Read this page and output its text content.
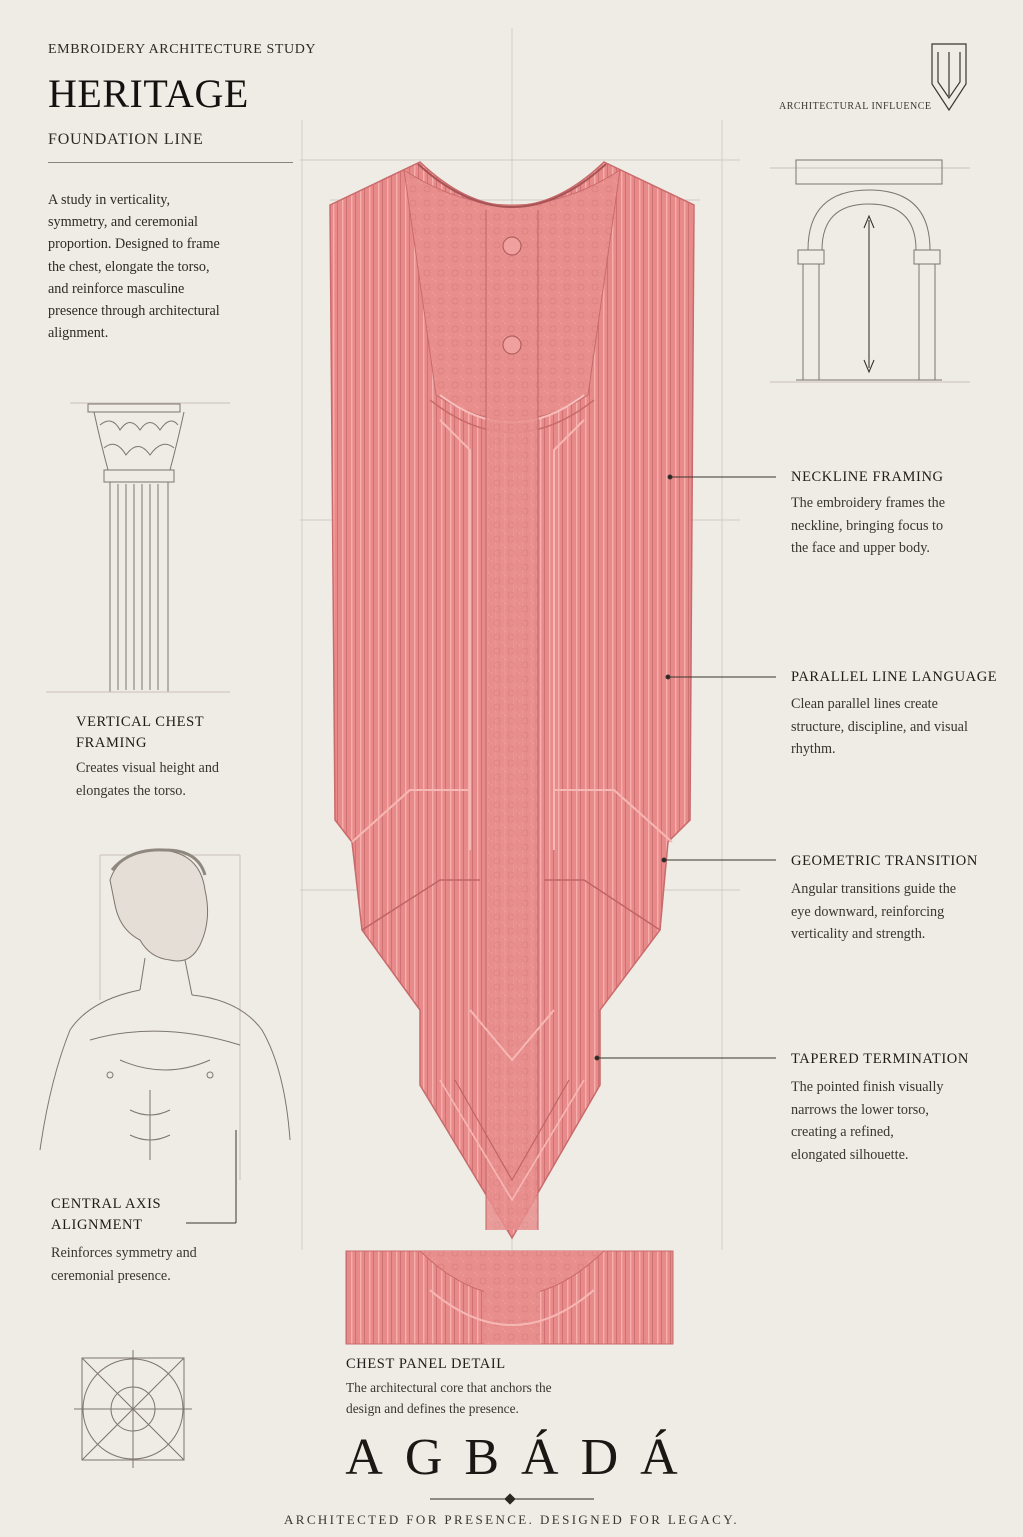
EMBROIDERY ARCHITECTURE STUDY
HERITAGE
FOUNDATION LINE
A study in verticality, symmetry, and ceremonial proportion. Designed to frame the chest, elongate the torso, and reinforce masculine presence through architectural alignment.
ARCHITECTURAL INFLUENCE
VERTICAL CHEST FRAMING
Creates visual height and elongates the torso.
CENTRAL AXIS ALIGNMENT
Reinforces symmetry and ceremonial presence.
NECKLINE FRAMING
The embroidery frames the neckline, bringing focus to the face and upper body.
PARALLEL LINE LANGUAGE
Clean parallel lines create structure, discipline, and visual rhythm.
GEOMETRIC TRANSITION
Angular transitions guide the eye downward, reinforcing verticality and strength.
TAPERED TERMINATION
The pointed finish visually narrows the lower torso, creating a refined, elongated silhouette.
CHEST PANEL DETAIL
The architectural core that anchors the design and defines the presence.
AGBÁDÁ
ARCHITECTED FOR PRESENCE. DESIGNED FOR LEGACY.
